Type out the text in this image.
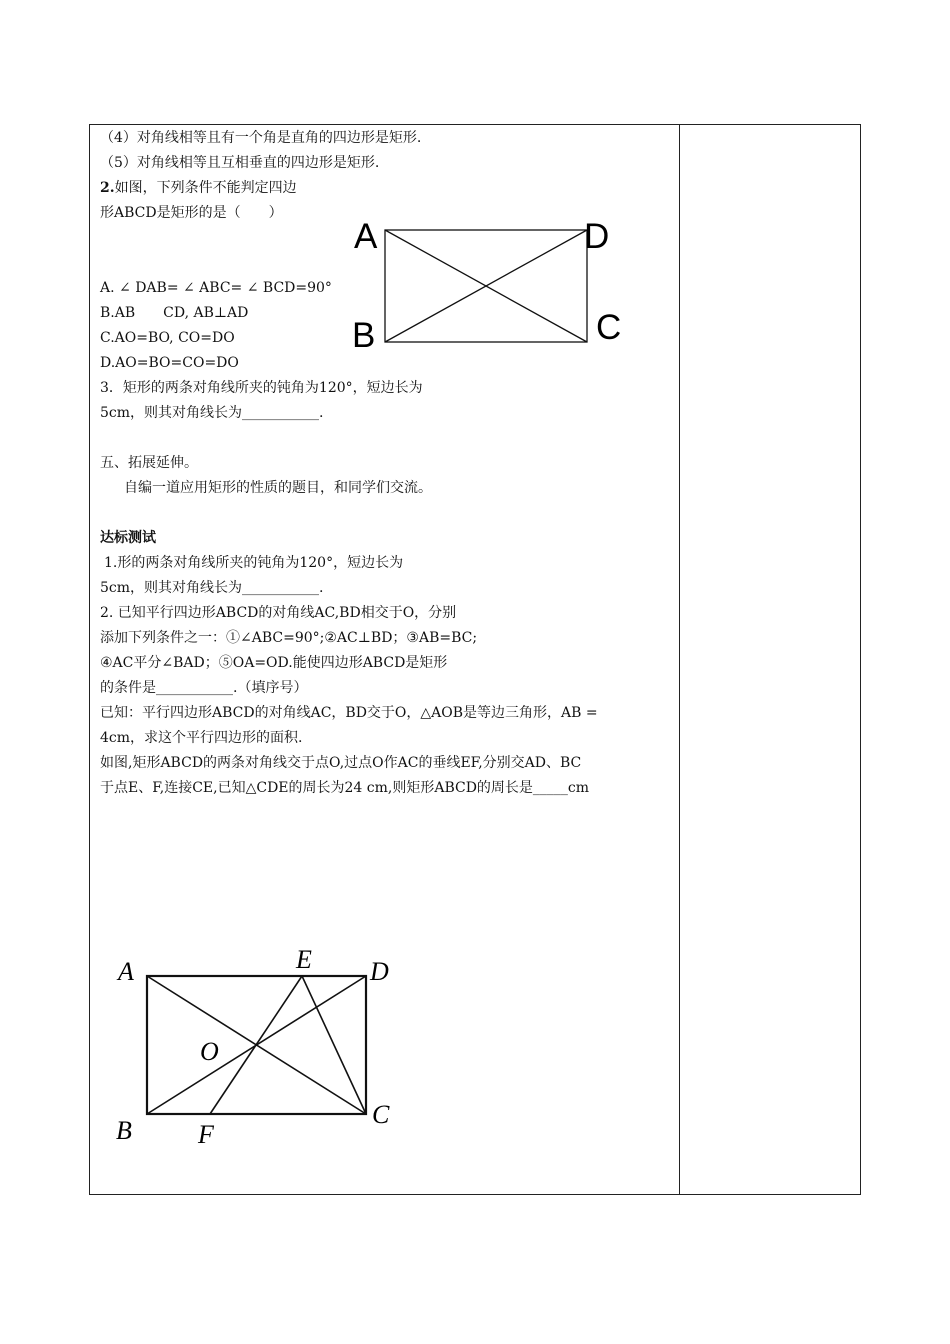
（4）对角线相等且有一个角是直角的四边形是矩形.
（5）对角线相等且互相垂直的四边形是矩形.
2.如图，下列条件不能判定四边
形ABCD是矩形的是（　　）
A. ∠ DAB= ∠ ABC= ∠ BCD=90°
B.AB　　CD, AB⊥AD
C.AO=BO, CO=DO
D.AO=BO=CO=DO
3．矩形的两条对角线所夹的钝角为120°，短边长为
5cm，则其对角线长为___________.
五、拓展延伸。
自编一道应用矩形的性质的题目，和同学们交流。
达标测试
1.形的两条对角线所夹的钝角为120°，短边长为
5cm，则其对角线长为___________.
2. 已知平行四边形ABCD的对角线AC,BD相交于O，分别
添加下列条件之一：①∠ABC=90°;②AC⊥BD；③AB=BC;
④AC平分∠BAD；⑤OA=OD.能使四边形ABCD是矩形
的条件是___________.（填序号）
已知：平行四边形ABCD的对角线AC，BD交于O，△AOB是等边三角形，AB =
4cm，求这个平行四边形的面积.
如图,矩形ABCD的两条对角线交于点O,过点O作AC的垂线EF,分别交AD、BC
于点E、F,连接CE,已知△CDE的周长为24 cm,则矩形ABCD的周长是_____cm
A	D
B	C
A	E D
O
B	F
C
